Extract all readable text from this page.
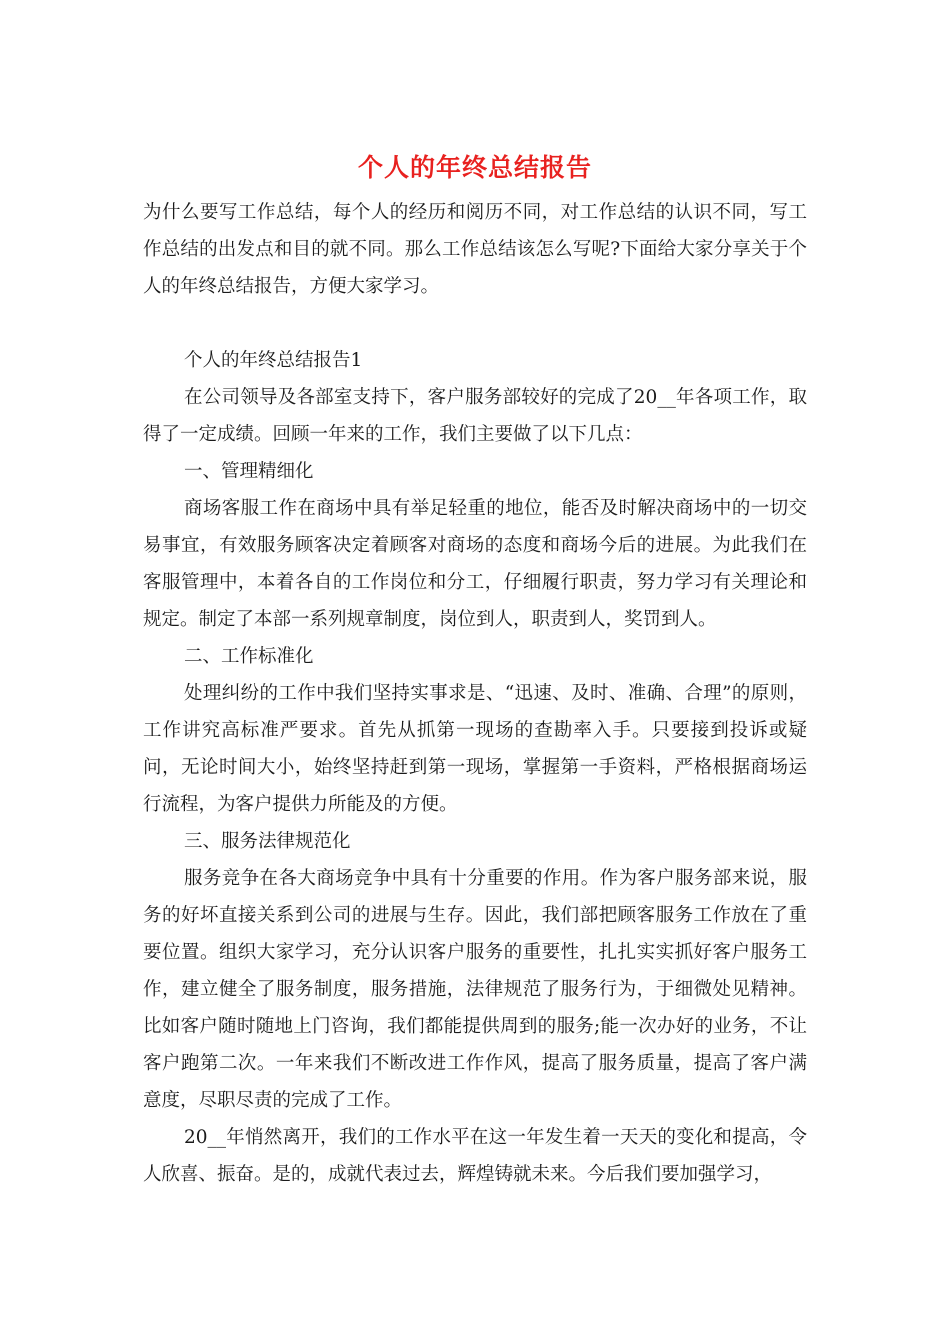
个人的年终总结报告

为什么要写工作总结，每个人的经历和阅历不同，对工作总结的认识不同，写工作总结的出发点和目的就不同。那么工作总结该怎么写呢?下面给大家分享关于个人的年终总结报告，方便大家学习。

个人的年终总结报告1

在公司领导及各部室支持下，客户服务部较好的完成了20__年各项工作，取得了一定成绩。回顾一年来的工作，我们主要做了以下几点：

一、管理精细化

商场客服工作在商场中具有举足轻重的地位，能否及时解决商场中的一切交易事宜，有效服务顾客决定着顾客对商场的态度和商场今后的进展。为此我们在客服管理中，本着各自的工作岗位和分工，仔细履行职责，努力学习有关理论和规定。制定了本部一系列规章制度，岗位到人，职责到人，奖罚到人。

二、工作标准化

处理纠纷的工作中我们坚持实事求是、“迅速、及时、准确、合理”的原则，工作讲究高标准严要求。首先从抓第一现场的查勘率入手。只要接到投诉或疑问，无论时间大小，始终坚持赶到第一现场，掌握第一手资料，严格根据商场运行流程，为客户提供力所能及的方便。

三、服务法律规范化

服务竞争在各大商场竞争中具有十分重要的作用。作为客户服务部来说，服务的好坏直接关系到公司的进展与生存。因此，我们部把顾客服务工作放在了重要位置。组织大家学习，充分认识客户服务的重要性，扎扎实实抓好客户服务工作，建立健全了服务制度，服务措施，法律规范了服务行为，于细微处见精神。比如客户随时随地上门咨询，我们都能提供周到的服务;能一次办好的业务，不让客户跑第二次。一年来我们不断改进工作作风，提高了服务质量，提高了客户满意度，尽职尽责的完成了工作。

20__年悄然离开，我们的工作水平在这一年发生着一天天的变化和提高，令人欣喜、振奋。是的，成就代表过去，辉煌铸就未来。今后我们要加强学习，
